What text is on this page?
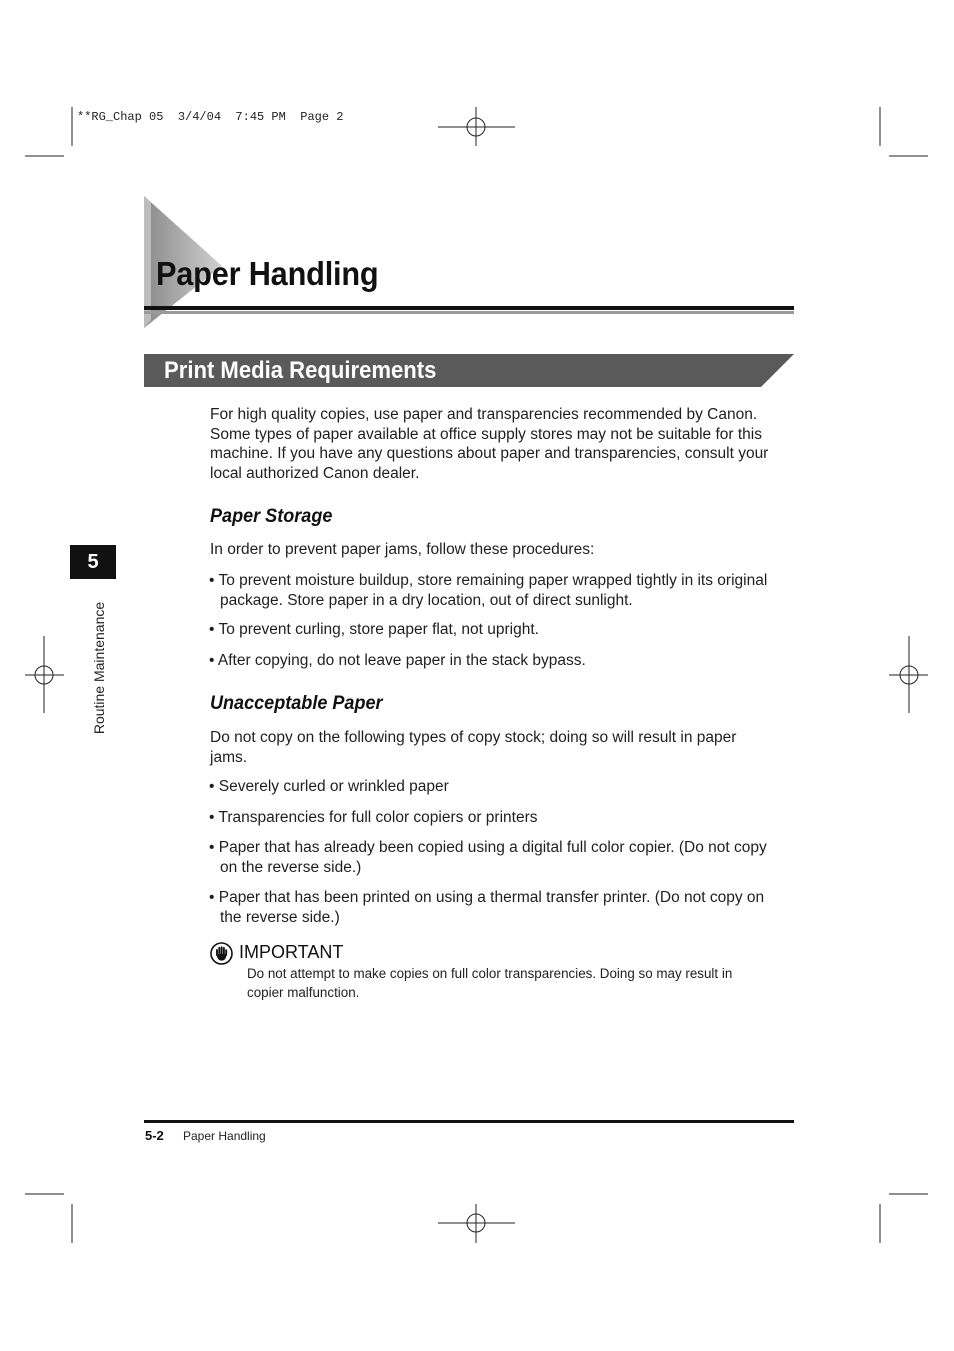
**RG_Chap 05  3/4/04  7:45 PM  Page 2
Paper Handling
Print Media Requirements

For high quality copies, use paper and transparencies recommended by Canon.
Some types of paper available at office supply stores may not be suitable for this
machine. If you have any questions about paper and transparencies, consult your
local authorized Canon dealer.

Paper Storage

In order to prevent paper jams, follow these procedures:

• To prevent moisture buildup, store remaining paper wrapped tightly in its original
package. Store paper in a dry location, out of direct sunlight.

• To prevent curling, store paper flat, not upright.

• After copying, do not leave paper in the stack bypass.

Unacceptable Paper

Do not copy on the following types of copy stock; doing so will result in paper
jams.

• Severely curled or wrinkled paper

• Transparencies for full color copiers or printers

• Paper that has already been copied using a digital full color copier. (Do not copy
on the reverse side.)

• Paper that has been printed on using a thermal transfer printer. (Do not copy on
the reverse side.)

IMPORTANT

Do not attempt to make copies on full color transparencies. Doing so may result in
copier malfunction.

5
Routine Maintenance
5-2 Paper Handling
